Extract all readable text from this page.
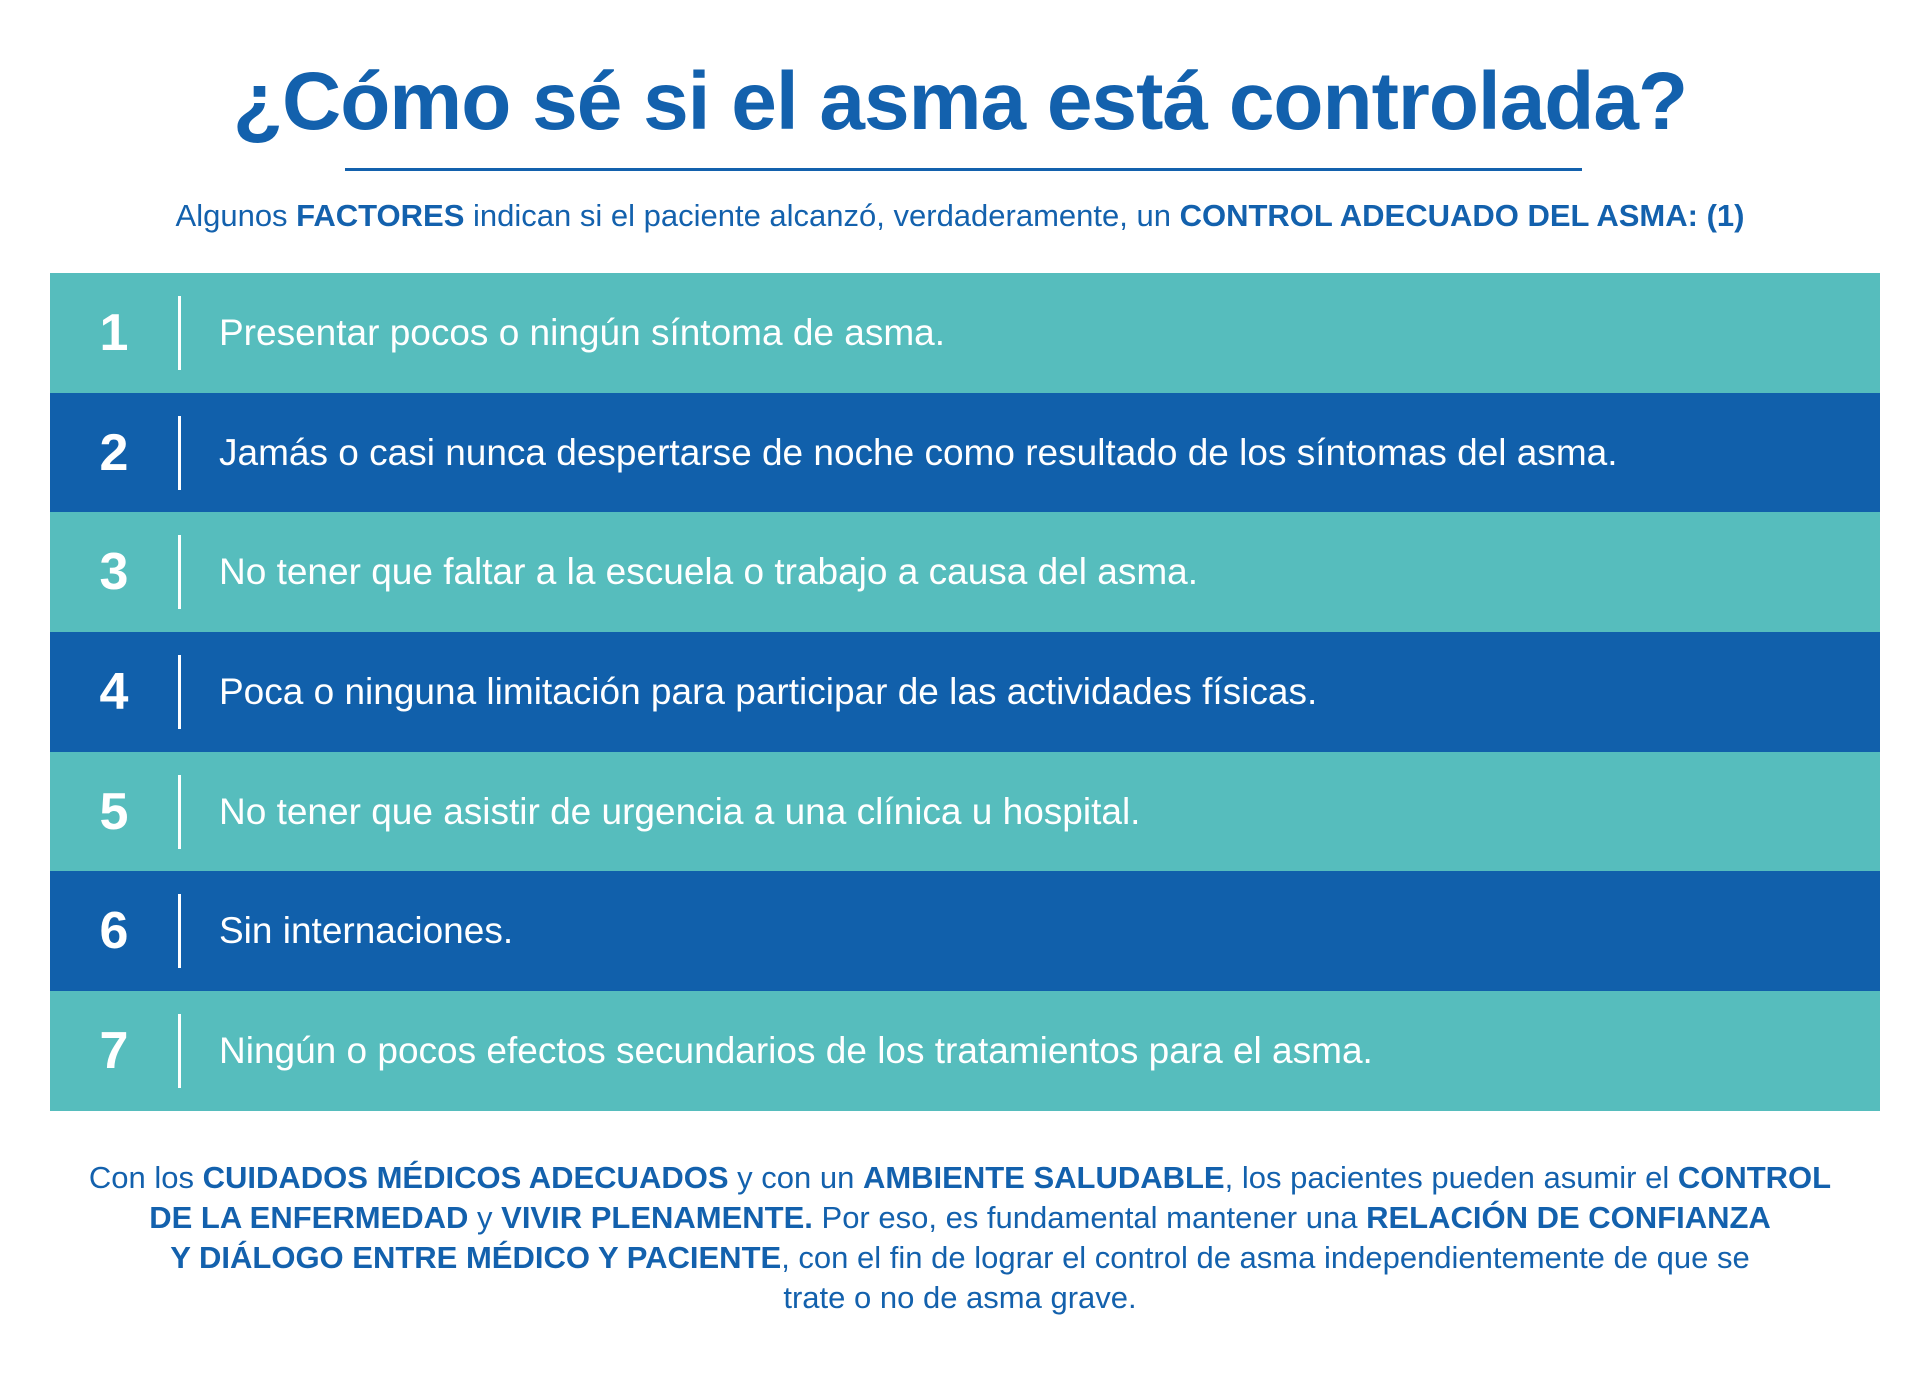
¿Cómo sé si el asma está controlada?

Algunos FACTORES indican si el paciente alcanzó, verdaderamente, un CONTROL ADECUADO DEL ASMA: (1)

1	Presentar pocos o ningún síntoma de asma.
2	Jamás o casi nunca despertarse de noche como resultado de los síntomas del asma.
3	No tener que faltar a la escuela o trabajo a causa del asma.
4	Poca o ninguna limitación para participar de las actividades físicas.
5	No tener que asistir de urgencia a una clínica u hospital.
6	Sin internaciones.
7	Ningún o pocos efectos secundarios de los tratamientos para el asma.
Con los CUIDADOS MÉDICOS ADECUADOS y con un AMBIENTE SALUDABLE, los pacientes pueden asumir el CONTROL
DE LA ENFERMEDAD y VIVIR PLENAMENTE. Por eso, es fundamental mantener una RELACIÓN DE CONFIANZA
Y DIÁLOGO ENTRE MÉDICO Y PACIENTE, con el fin de lograr el control de asma independientemente de que se
trate o no de asma grave.
